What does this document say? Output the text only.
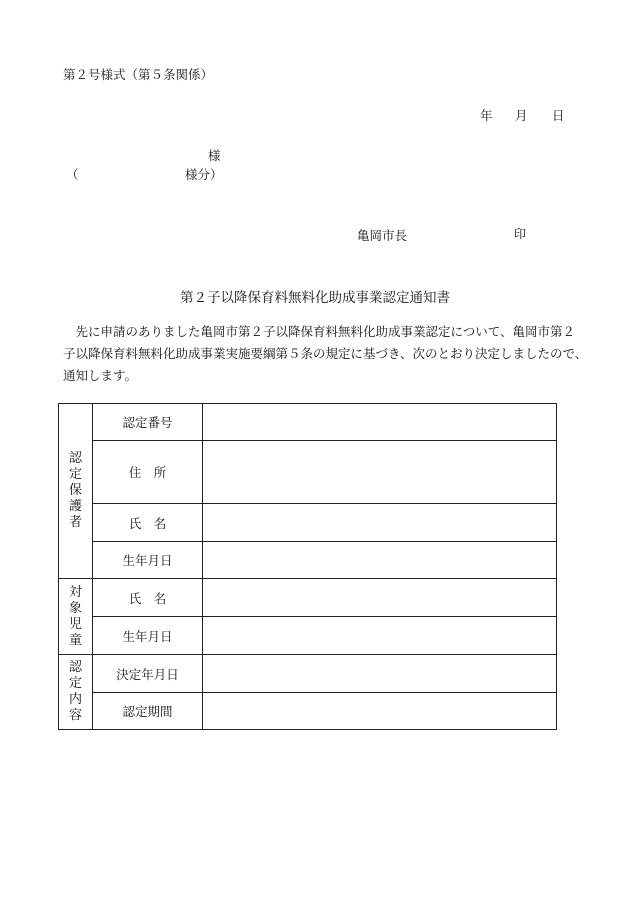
第２号様式（第５条関係）
年 月 日
様
（	様分）
亀岡市長	印
第２子以降保育料無料化助成事業認定通知書
　先に申請のありました亀岡市第２子以降保育料無料化助成事業認定について、亀岡市第２
子以降保育料無料化助成事業実施要綱第５条の規定に基づき、次のとおり決定しましたので、
通知します。
認定保護者	認定番号	
	住　所	
	氏　名	
	生年月日	
対象児童	氏　名	
	生年月日	
認定内容	決定年月日	
	認定期間	
